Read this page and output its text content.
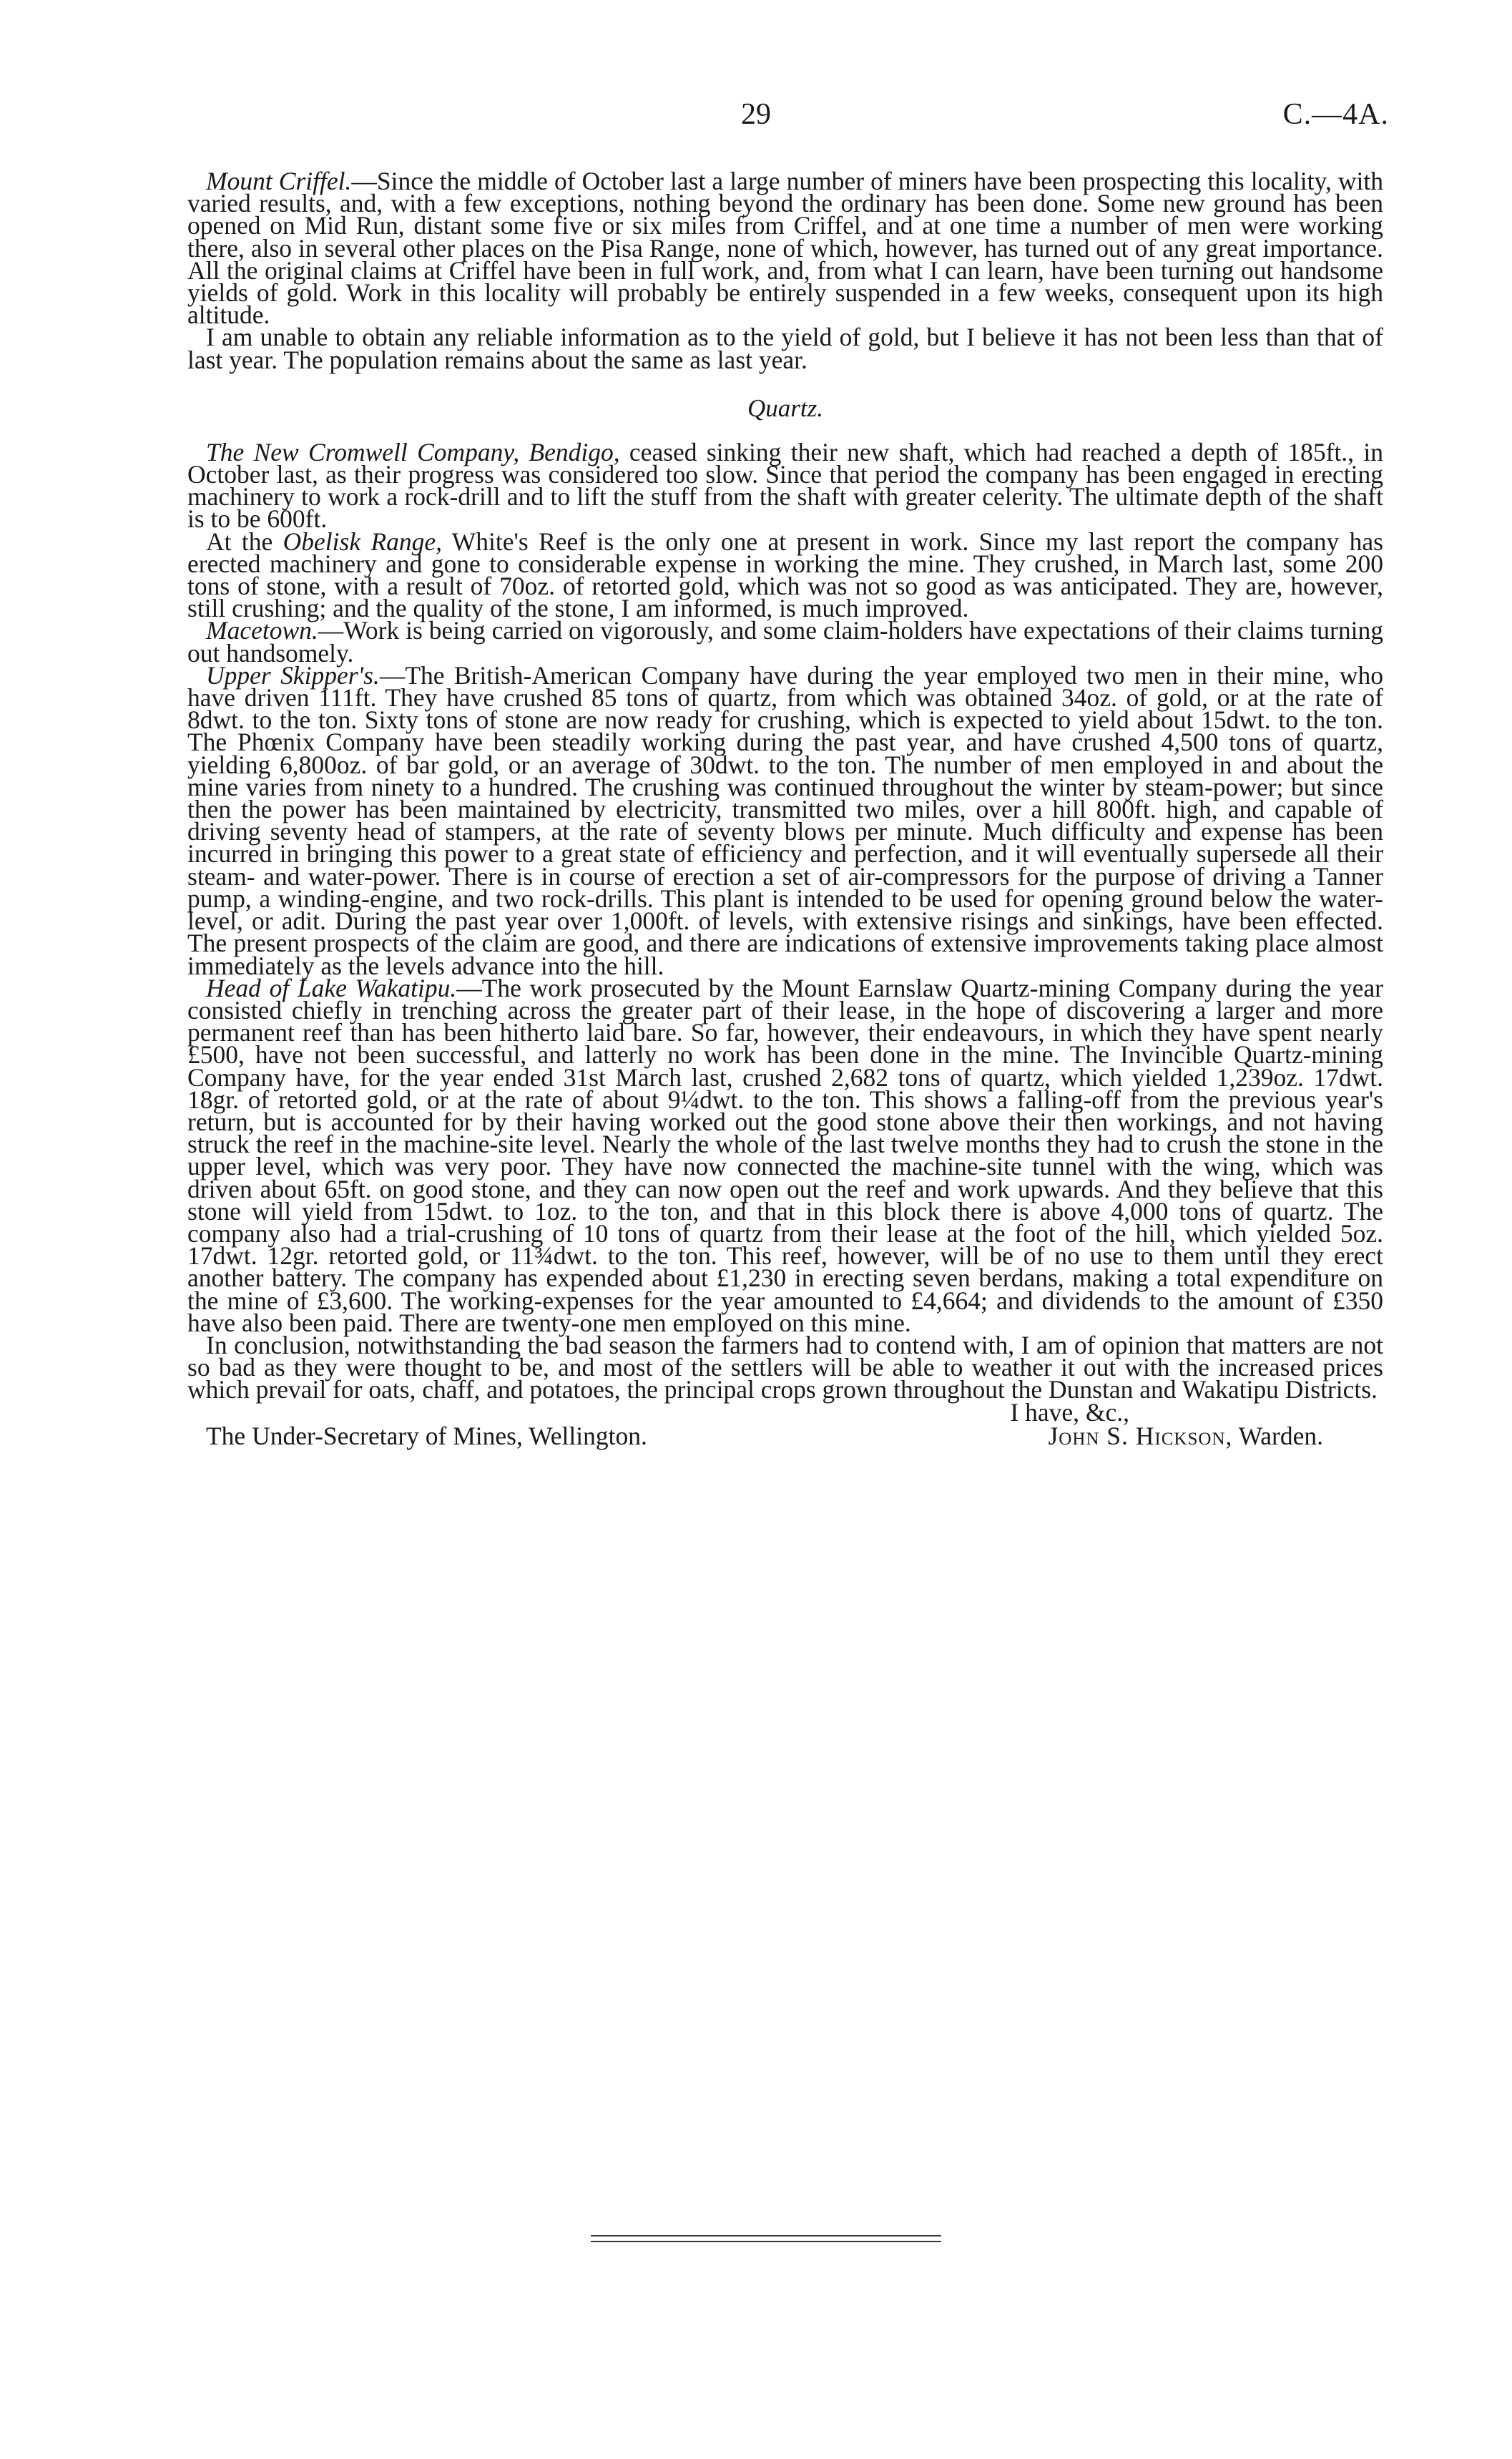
29	C.—4A.

Mount Criffel.—Since the middle of October last a large number of miners have been prospecting this locality, with varied results, and, with a few exceptions, nothing beyond the ordinary has been done. Some new ground has been opened on Mid Run, distant some five or six miles from Criffel, and at one time a number of men were working there, also in several other places on the Pisa Range, none of which, however, has turned out of any great importance. All the original claims at Criffel have been in full work, and, from what I can learn, have been turning out handsome yields of gold. Work in this locality will probably be entirely suspended in a few weeks, consequent upon its high altitude.

I am unable to obtain any reliable information as to the yield of gold, but I believe it has not been less than that of last year. The population remains about the same as last year.

Quartz.

The New Cromwell Company, Bendigo, ceased sinking their new shaft, which had reached a depth of 185ft., in October last, as their progress was considered too slow. Since that period the company has been engaged in erecting machinery to work a rock-drill and to lift the stuff from the shaft with greater celerity. The ultimate depth of the shaft is to be 600ft.

At the Obelisk Range, White's Reef is the only one at present in work. Since my last report the company has erected machinery and gone to considerable expense in working the mine. They crushed, in March last, some 200 tons of stone, with a result of 70oz. of retorted gold, which was not so good as was anticipated. They are, however, still crushing; and the quality of the stone, I am informed, is much improved.

Macetown.—Work is being carried on vigorously, and some claim-holders have expectations of their claims turning out handsomely.

Upper Skipper's.—The British-American Company have during the year employed two men in their mine, who have driven 111ft. They have crushed 85 tons of quartz, from which was obtained 34oz. of gold, or at the rate of 8dwt. to the ton. Sixty tons of stone are now ready for crushing, which is expected to yield about 15dwt. to the ton. The Phœnix Company have been steadily working during the past year, and have crushed 4,500 tons of quartz, yielding 6,800oz. of bar gold, or an average of 30dwt. to the ton. The number of men employed in and about the mine varies from ninety to a hundred. The crushing was continued throughout the winter by steam-power; but since then the power has been maintained by electricity, transmitted two miles, over a hill 800ft. high, and capable of driving seventy head of stampers, at the rate of seventy blows per minute. Much difficulty and expense has been incurred in bringing this power to a great state of efficiency and perfection, and it will eventually supersede all their steam- and water-power. There is in course of erection a set of air-compressors for the purpose of driving a Tanner pump, a winding-engine, and two rock-drills. This plant is intended to be used for opening ground below the water-level, or adit. During the past year over 1,000ft. of levels, with extensive risings and sinkings, have been effected. The present prospects of the claim are good, and there are indications of extensive improvements taking place almost immediately as the levels advance into the hill.

Head of Lake Wakatipu.—The work prosecuted by the Mount Earnslaw Quartz-mining Company during the year consisted chiefly in trenching across the greater part of their lease, in the hope of discovering a larger and more permanent reef than has been hitherto laid bare. So far, however, their endeavours, in which they have spent nearly £500, have not been successful, and latterly no work has been done in the mine. The Invincible Quartz-mining Company have, for the year ended 31st March last, crushed 2,682 tons of quartz, which yielded 1,239oz. 17dwt. 18gr. of retorted gold, or at the rate of about 9¼dwt. to the ton. This shows a falling-off from the previous year's return, but is accounted for by their having worked out the good stone above their then workings, and not having struck the reef in the machine-site level. Nearly the whole of the last twelve months they had to crush the stone in the upper level, which was very poor. They have now connected the machine-site tunnel with the wing, which was driven about 65ft. on good stone, and they can now open out the reef and work upwards. And they believe that this stone will yield from 15dwt. to 1oz. to the ton, and that in this block there is above 4,000 tons of quartz. The company also had a trial-crushing of 10 tons of quartz from their lease at the foot of the hill, which yielded 5oz. 17dwt. 12gr. retorted gold, or 11¾dwt. to the ton. This reef, however, will be of no use to them until they erect another battery. The company has expended about £1,230 in erecting seven berdans, making a total expenditure on the mine of £3,600. The working-expenses for the year amounted to £4,664; and dividends to the amount of £350 have also been paid. There are twenty-one men employed on this mine.

In conclusion, notwithstanding the bad season the farmers had to contend with, I am of opinion that matters are not so bad as they were thought to be, and most of the settlers will be able to weather it out with the increased prices which prevail for oats, chaff, and potatoes, the principal crops grown throughout the Dunstan and Wakatipu Districts.

I have, &c.,

The Under-Secretary of Mines, Wellington.	John S. Hickson, Warden.
